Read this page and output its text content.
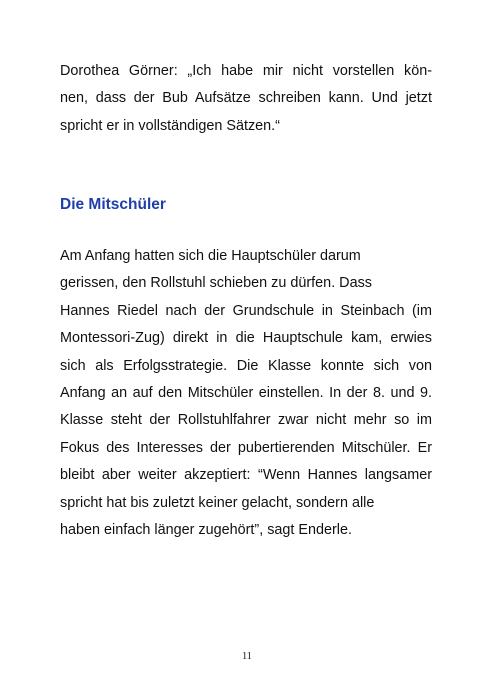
Dorothea Görner: „Ich habe mir nicht vorstellen kön-
nen, dass der Bub Aufsätze schreiben kann. Und jetzt
spricht er in vollständigen Sätzen.“
Die Mitschüler
Am Anfang hatten sich die Hauptschüler darum
gerissen, den Rollstuhl schieben zu dürfen. Dass
Hannes Riedel nach der Grundschule in Steinbach (im
Montessori-Zug) direkt in die Hauptschule kam, erwies
sich als Erfolgsstrategie. Die Klasse konnte sich von
Anfang an auf den Mitschüler einstellen. In der 8. und 9.
Klasse steht der Rollstuhlfahrer zwar nicht mehr so im
Fokus des Interesses der pubertierenden Mitschüler. Er
bleibt aber weiter akzeptiert: “Wenn Hannes langsamer
spricht hat bis zuletzt keiner gelacht, sondern alle
haben einfach länger zugehört”, sagt Enderle.
11
